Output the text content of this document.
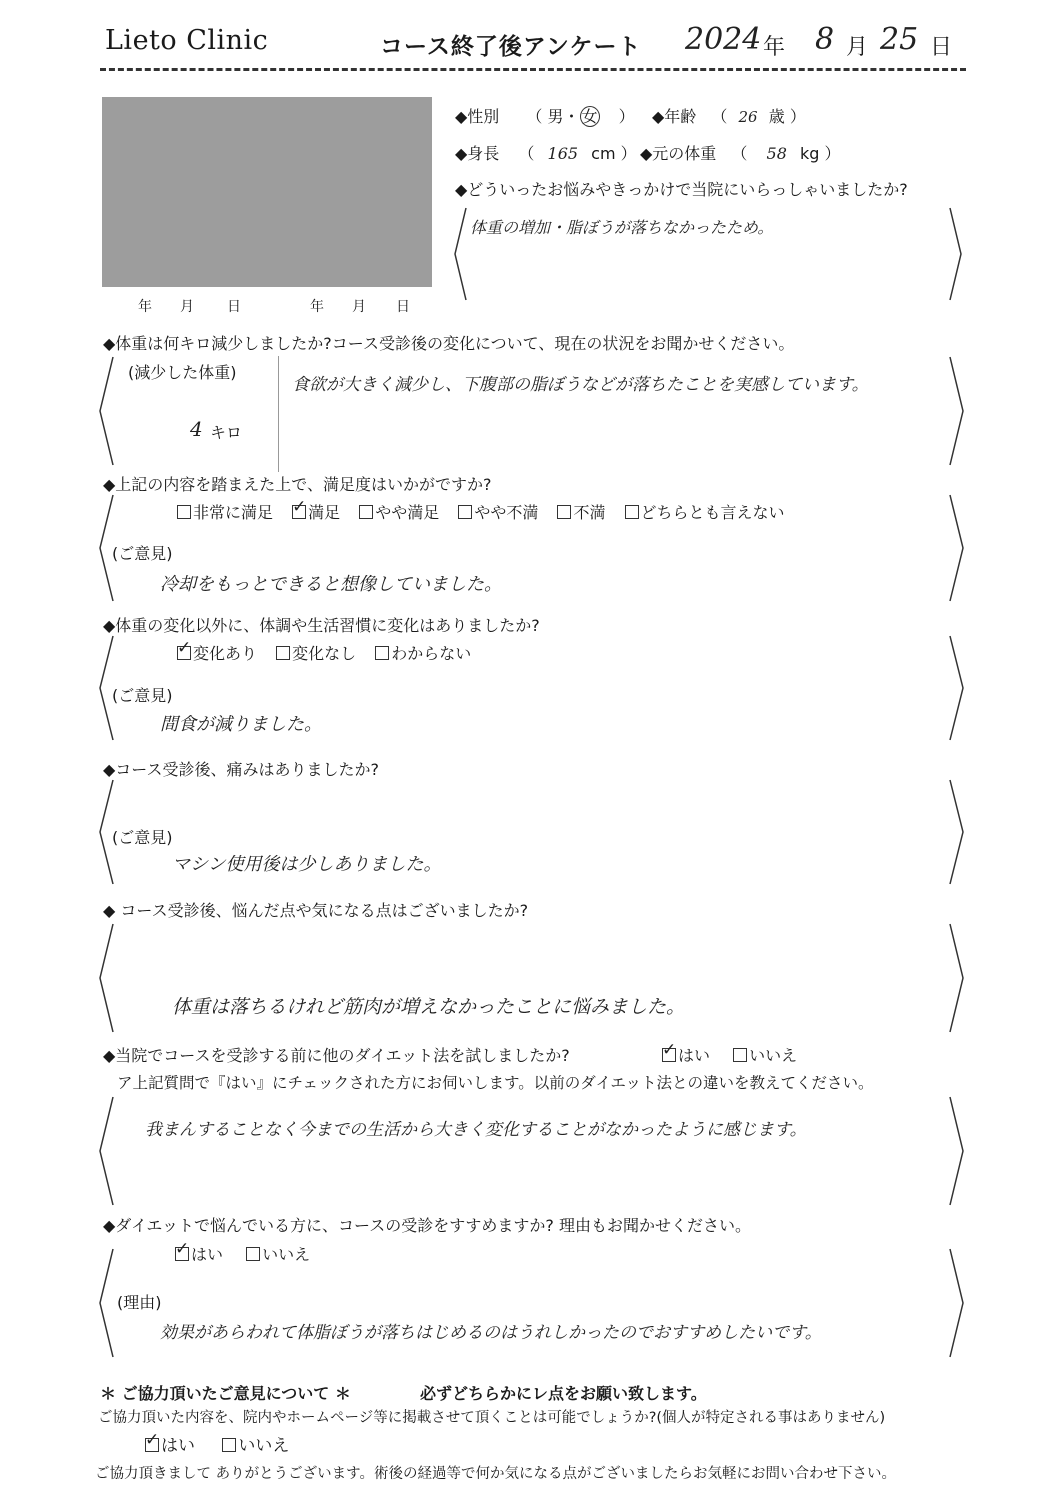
Lieto Clinic	コース終了後アンケート 2024 年 8 月 25 日
年 月 日	年 月 日
◆性別 （ 男・ 女 ） ◆年齢 （ 26 歳 ）
◆身長 （ 165 cm ） ◆元の体重 （ 58 kg ）
◆どういったお悩みやきっかけで当院にいらっしゃいましたか?
体重の増加・脂ぼうが落ちなかったため。
◆体重は何キロ減少しましたか?コース受診後の変化について、現在の状況をお聞かせください。
(減少した体重)
4 キロ
食欲が大きく減少し、下腹部の脂ぼうなどが落ちたことを実感しています。
◆上記の内容を踏まえた上で、満足度はいかがですか?
非常に満足 ✓ 満足 やや満足 やや不満 不満 どちらとも言えない
(ご意見)
冷却をもっとできると想像していました。
◆体重の変化以外に、体調や生活習慣に変化はありましたか?
✓変化あり 変化なし わからない
(ご意見)
間食が減りました。
◆コース受診後、痛みはありましたか?
(ご意見)
マシン使用後は少しありました。
◆ コース受診後、悩んだ点や気になる点はございましたか?
体重は落ちるけれど筋肉が増えなかったことに悩みました。
◆当院でコースを受診する前に他のダイエット法を試しましたか? ✓	はい いいえ
ア上記質問で『はい』にチェックされた方にお伺いします。以前のダイエット法との違いを教えてください。
我まんすることなく今までの生活から大きく変化することがなかったように感じます。
◆ダイエットで悩んでいる方に、コースの受診をすすめますか? 理由もお聞かせください。
✓はい いいえ
(理由)
効果があらわれて体脂ぼうが落ちはじめるのはうれしかったのでおすすめしたいです。
＊ ご協力頂いたご意見について ＊	必ずどちらかにレ点をお願い致します。
ご協力頂いた内容を、院内やホームページ等に掲載させて頂くことは可能でしょうか?(個人が特定される事はありません)
✓はい	いいえ
ご協力頂きまして ありがとうございます。術後の経過等で何か気になる点がございましたらお気軽にお問い合わせ下さい。
